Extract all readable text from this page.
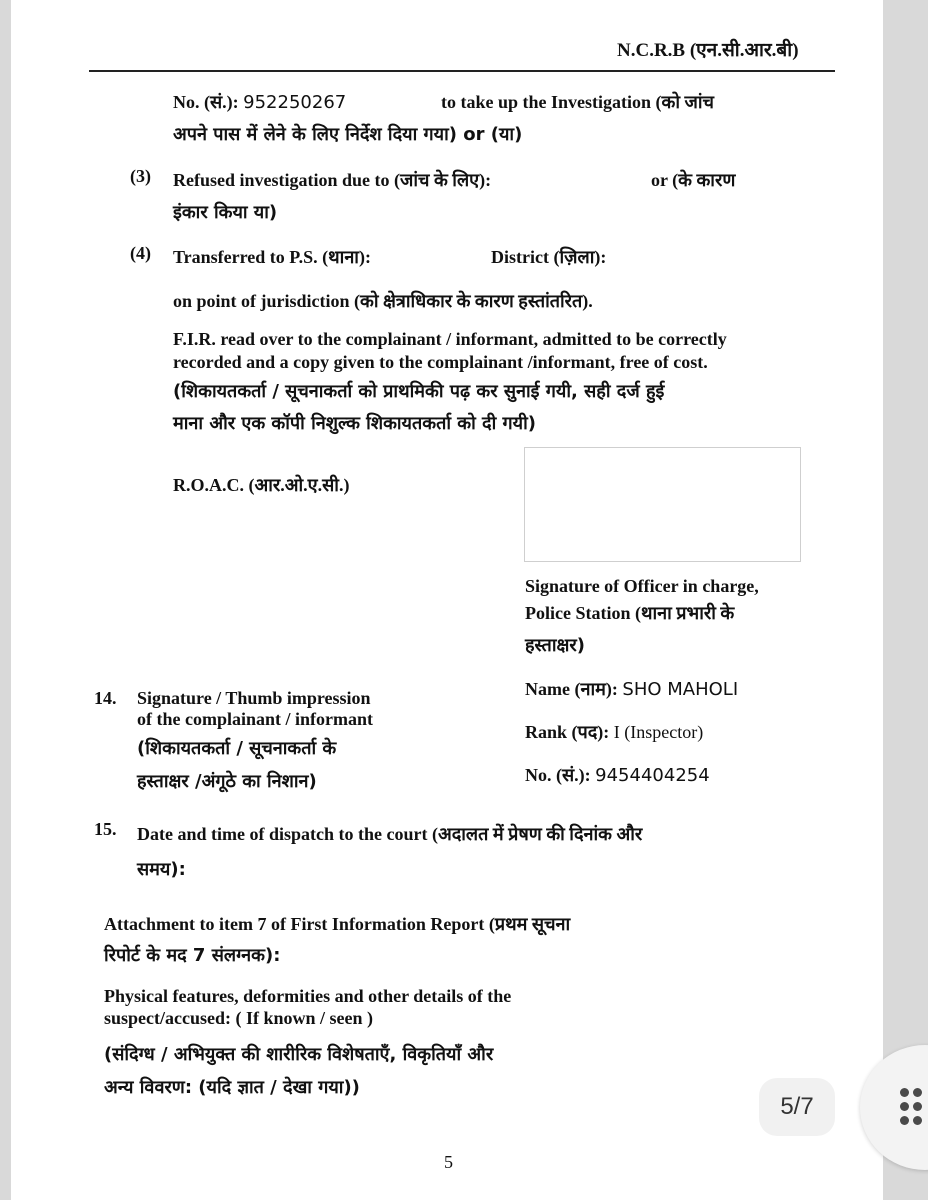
N.C.R.B (एन.सी.आर.बी)
No. (सं.): 952250267	to take up the Investigation (को जांच
अपने पास में लेने के लिए निर्देश दिया गया) or (या)
(3) Refused investigation due to (जांच के लिए):	or (के कारण
इंकार किया या)
(4) Transferred to P.S. (थाना):	District (ज़िला):
on point of jurisdiction (को क्षेत्राधिकार के कारण हस्तांतरित).
F.I.R. read over to the complainant / informant, admitted to be correctly
recorded and a copy given to the complainant /informant, free of cost.
(शिकायतकर्ता / सूचनाकर्ता को प्राथमिकी पढ़ कर सुनाई गयी, सही दर्ज हुई
माना और एक कॉपी निशुल्क शिकायतकर्ता को दी गयी)
R.O.A.C. (आर.ओ.ए.सी.)
Signature of Officer in charge,
Police Station (थाना प्रभारी के
हस्ताक्षर)
Name (नाम): SHO MAHOLI
Rank (पद): I (Inspector)
No. (सं.): 9454404254
14. Signature / Thumb impression
of the complainant / informant
(शिकायतकर्ता / सूचनाकर्ता के
हस्ताक्षर /अंगूठे का निशान)
15. Date and time of dispatch to the court (अदालत में प्रेषण की दिनांक और
समय):
Attachment to item 7 of First Information Report (प्रथम सूचना
रिपोर्ट के मद 7 संलग्नक):
Physical features, deformities and other details of the
suspect/accused: ( If known / seen )
(संदिग्ध / अभियुक्त की शारीरिक विशेषताएँ, विकृतियाँ और
अन्य विवरण: (यदि ज्ञात / देखा गया))
5
5/7
